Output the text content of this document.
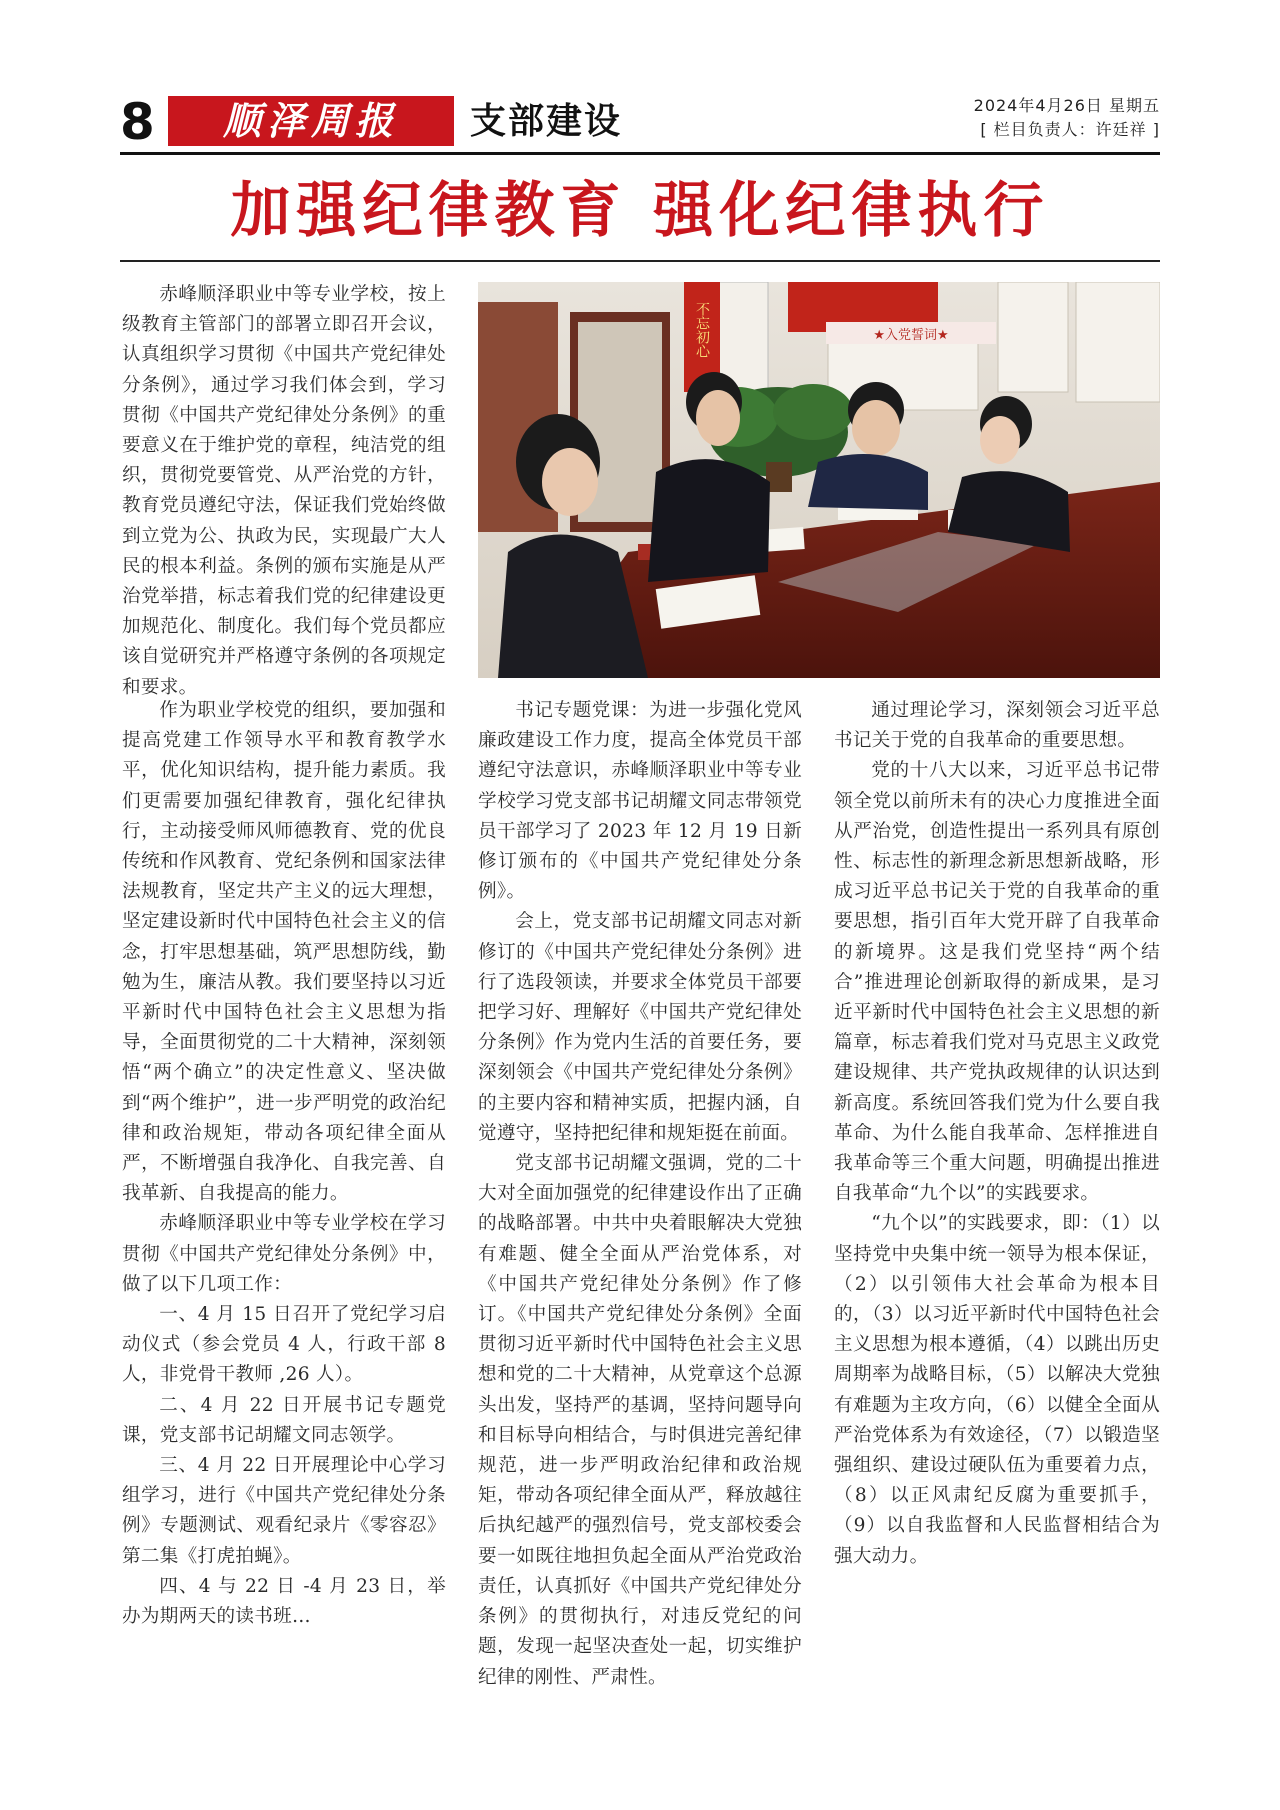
8	顺泽周报	支部建设	2024年4月26日 星期五
[ 栏目负责人：许廷祥 ]
加强纪律教育 强化纪律执行
★入党誓词★
不忘初心

赤峰顺泽职业中等专业学校，按上级教育主管部门的部署立即召开会议，认真组织学习贯彻《中国共产党纪律处分条例》，通过学习我们体会到，学习贯彻《中国共产党纪律处分条例》的重要意义在于维护党的章程，纯洁党的组织，贯彻党要管党、从严治党的方针，教育党员遵纪守法，保证我们党始终做到立党为公、执政为民，实现最广大人民的根本利益。条例的颁布实施是从严治党举措，标志着我们党的纪律建设更加规范化、制度化。我们每个党员都应该自觉研究并严格遵守条例的各项规定和要求。

作为职业学校党的组织，要加强和提高党建工作领导水平和教育教学水平，优化知识结构，提升能力素质。我们更需要加强纪律教育，强化纪律执行，主动接受师风师德教育、党的优良传统和作风教育、党纪条例和国家法律法规教育，坚定共产主义的远大理想，坚定建设新时代中国特色社会主义的信念，打牢思想基础，筑严思想防线，勤勉为生，廉洁从教。我们要坚持以习近平新时代中国特色社会主义思想为指导，全面贯彻党的二十大精神，深刻领悟“两个确立”的决定性意义、坚决做到“两个维护”，进一步严明党的政治纪律和政治规矩，带动各项纪律全面从严，不断增强自我净化、自我完善、自我革新、自我提高的能力。

赤峰顺泽职业中等专业学校在学习贯彻《中国共产党纪律处分条例》中，做了以下几项工作：

一、4 月 15 日召开了党纪学习启动仪式（参会党员 4 人，行政干部 8 人，非党骨干教师 ,26 人）。

二、4 月 22 日开展书记专题党课，党支部书记胡耀文同志领学。

三、4 月 22 日开展理论中心学习组学习，进行《中国共产党纪律处分条例》专题测试、观看纪录片《零容忍》第二集《打虎拍蝇》。

四、4 与 22 日 -4 月 23 日，举办为期两天的读书班…

书记专题党课：为进一步强化党风廉政建设工作力度，提高全体党员干部遵纪守法意识，赤峰顺泽职业中等专业学校学习党支部书记胡耀文同志带领党员干部学习了 2023 年 12 月 19 日新修订颁布的《中国共产党纪律处分条例》。

会上，党支部书记胡耀文同志对新修订的《中国共产党纪律处分条例》进行了选段领读，并要求全体党员干部要把学习好、理解好《中国共产党纪律处分条例》作为党内生活的首要任务，要深刻领会《中国共产党纪律处分条例》的主要内容和精神实质，把握内涵，自觉遵守，坚持把纪律和规矩挺在前面。

党支部书记胡耀文强调，党的二十大对全面加强党的纪律建设作出了正确的战略部署。中共中央着眼解决大党独有难题、健全全面从严治党体系，对《中国共产党纪律处分条例》作了修订。《中国共产党纪律处分条例》全面贯彻习近平新时代中国特色社会主义思想和党的二十大精神，从党章这个总源头出发，坚持严的基调，坚持问题导向和目标导向相结合，与时俱进完善纪律规范，进一步严明政治纪律和政治规矩，带动各项纪律全面从严，释放越往后执纪越严的强烈信号，党支部校委会要一如既往地担负起全面从严治党政治责任，认真抓好《中国共产党纪律处分条例》的贯彻执行，对违反党纪的问题，发现一起坚决查处一起，切实维护纪律的刚性、严肃性。

通过理论学习，深刻领会习近平总书记关于党的自我革命的重要思想。

党的十八大以来，习近平总书记带领全党以前所未有的决心力度推进全面从严治党，创造性提出一系列具有原创性、标志性的新理念新思想新战略，形成习近平总书记关于党的自我革命的重要思想，指引百年大党开辟了自我革命的新境界。这是我们党坚持“两个结合”推进理论创新取得的新成果，是习近平新时代中国特色社会主义思想的新篇章，标志着我们党对马克思主义政党建设规律、共产党执政规律的认识达到新高度。系统回答我们党为什么要自我革命、为什么能自我革命、怎样推进自我革命等三个重大问题，明确提出推进自我革命“九个以”的实践要求。

“九个以”的实践要求，即：（1）以坚持党中央集中统一领导为根本保证，（2）以引领伟大社会革命为根本目的，（3）以习近平新时代中国特色社会主义思想为根本遵循，（4）以跳出历史周期率为战略目标，（5）以解决大党独有难题为主攻方向，（6）以健全全面从严治党体系为有效途径，（7）以锻造坚强组织、建设过硬队伍为重要着力点，（8）以正风肃纪反腐为重要抓手，（9）以自我监督和人民监督相结合为强大动力。
